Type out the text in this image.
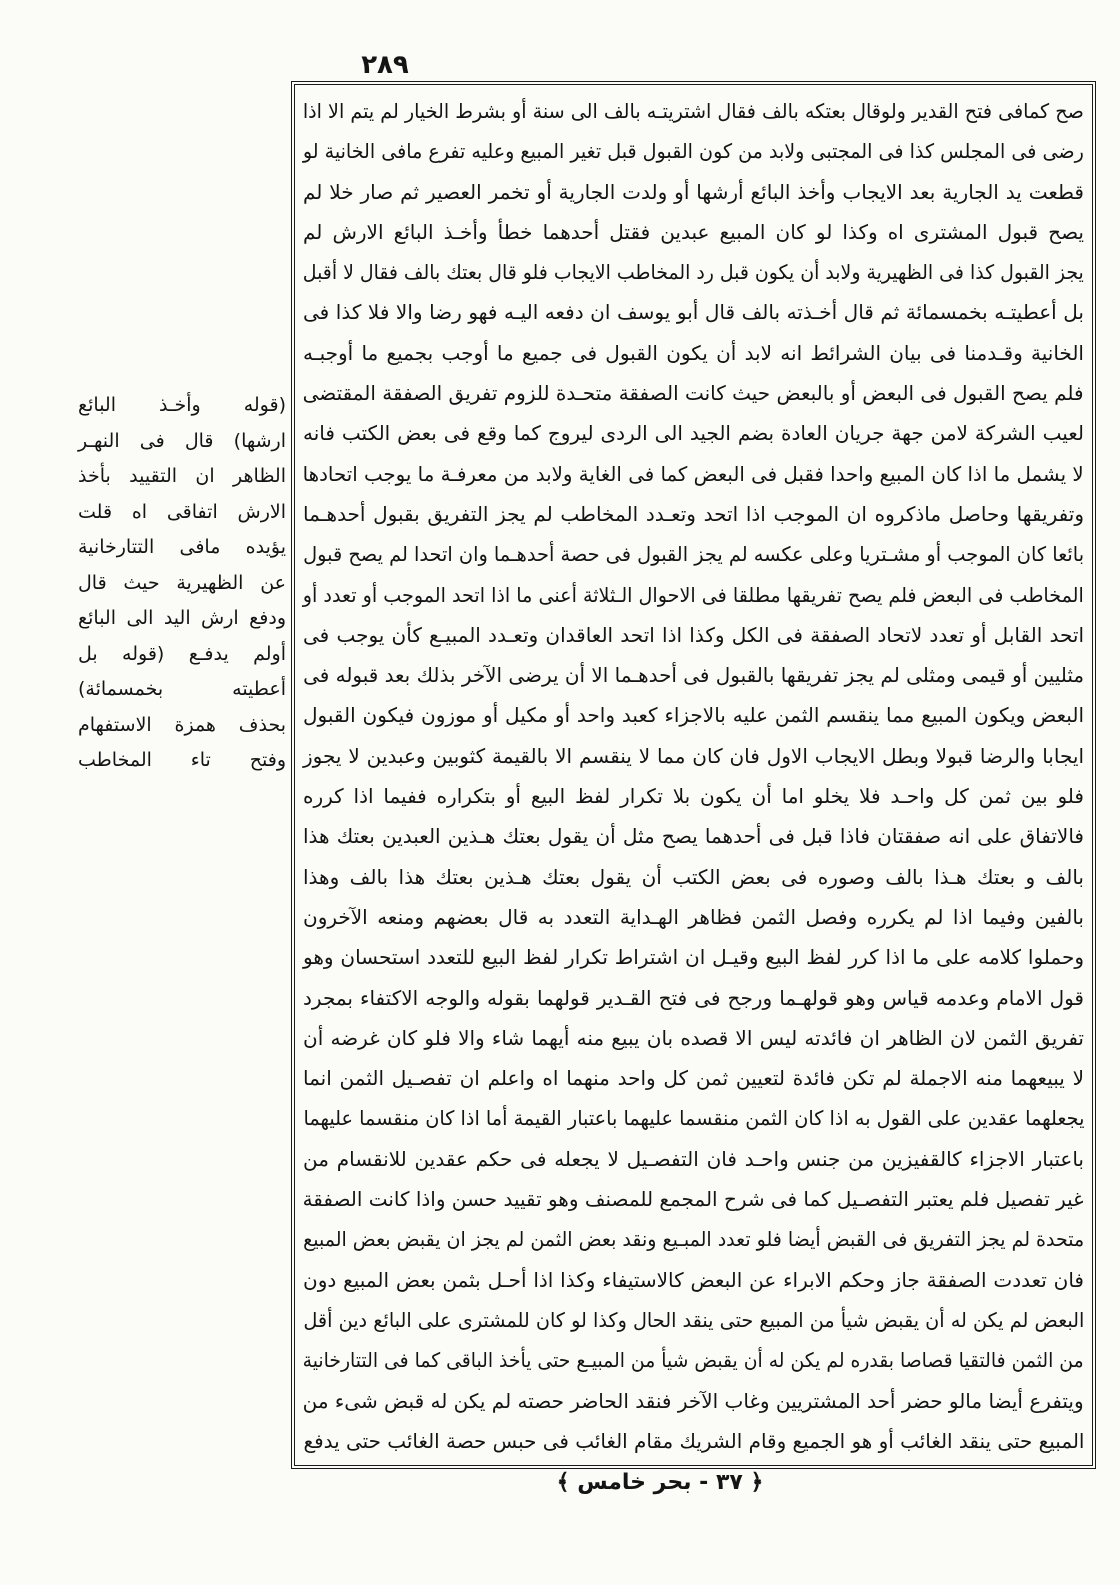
٢٨٩
صح كمافى فتح القدير ولوقال بعتكه بالف فقال اشتريتـه بالف الى سنة أو بشرط الخيار لم يتم الا اذا
رضى فى المجلس كذا فى المجتبى ولابد من كون القبول قبل تغير المبيع وعليه تفرع مافى الخانية لو
قطعت يد الجارية بعد الايجاب وأخذ البائع أرشها أو ولدت الجارية أو تخمر العصير ثم صار خلا لم
يصح قبول المشترى اه وكذا لو كان المبيع عبدين فقتل أحدهما خطأ وأخـذ البائع الارش لم
يجز القبول كذا فى الظهيرية ولابد أن يكون قبل رد المخاطب الايجاب فلو قال بعتك بالف فقال لا أقبل
بل أعطيتـه بخمسمائة ثم قال أخـذته بالف قال أبو يوسف ان دفعه اليـه فهو رضا والا فلا كذا فى
الخانية وقـدمنا فى بيان الشرائط انه لابد أن يكون القبول فى جميع ما أوجب بجميع ما أوجبـه
فلم يصح القبول فى البعض أو بالبعض حيث كانت الصفقة متحـدة للزوم تفريق الصفقة المقتضى
لعيب الشركة لامن جهة جريان العادة بضم الجيد الى الردى ليروج كما وقع فى بعض الكتب فانه
لا يشمل ما اذا كان المبيع واحدا فقبل فى البعض كما فى الغاية ولابد من معرفـة ما يوجب اتحادها
وتفريقها وحاصل ماذكروه ان الموجب اذا اتحد وتعـدد المخاطب لم يجز التفريق بقبول أحدهـما
بائعا كان الموجب أو مشـتريا وعلى عكسه لم يجز القبول فى حصة أحدهـما وان اتحدا لم يصح قبول
المخاطب فى البعض فلم يصح تفريقها مطلقا فى الاحوال الـثلاثة أعنى ما اذا اتحد الموجب أو تعدد أو
اتحد القابل أو تعدد لاتحاد الصفقة فى الكل وكذا اذا اتحد العاقدان وتعـدد المبيـع كأن يوجب فى
مثليين أو قيمى ومثلى لم يجز تفريقها بالقبول فى أحدهـما الا أن يرضى الآخر بذلك بعد قبوله فى
البعض ويكون المبيع مما ينقسم الثمن عليه بالاجزاء كعبد واحد أو مكيل أو موزون فيكون القبول
ايجابا والرضا قبولا وبطل الايجاب الاول فان كان مما لا ينقسم الا بالقيمة كثوبين وعبدين لا يجوز
فلو بين ثمن كل واحـد فلا يخلو اما أن يكون بلا تكرار لفظ البيع أو بتكراره ففيما اذا كرره
فالاتفاق على انه صفقتان فاذا قبل فى أحدهما يصح مثل أن يقول بعتك هـذين العبدين بعتك هذا
بالف و بعتك هـذا بالف وصوره فى بعض الكتب أن يقول بعتك هـذين بعتك هذا بالف وهذا
بالفين وفيما اذا لم يكرره وفصل الثمن فظاهر الهـداية التعدد به قال بعضهم ومنعه الآخرون
وحملوا كلامه على ما اذا كرر لفظ البيع وقيـل ان اشتراط تكرار لفظ البيع للتعدد استحسان وهو
قول الامام وعدمه قياس وهو قولهـما ورجح فى فتح القـدير قولهما بقوله والوجه الاكتفاء بمجرد
تفريق الثمن لان الظاهر ان فائدته ليس الا قصده بان يبيع منه أيهما شاء والا فلو كان غرضه أن
لا يبيعهما منه الاجملة لم تكن فائدة لتعيين ثمن كل واحد منهما اه واعلم ان تفصـيل الثمن انما
يجعلهما عقدين على القول به اذا كان الثمن منقسما عليهما باعتبار القيمة أما اذا كان منقسما عليهما
باعتبار الاجزاء كالقفيزين من جنس واحـد فان التفصـيل لا يجعله فى حكم عقدين للانقسام من
غير تفصيل فلم يعتبر التفصـيل كما فى شرح المجمع للمصنف وهو تقييد حسن واذا كانت الصفقة
متحدة لم يجز التفريق فى القبض أيضا فلو تعدد المبـيع ونقد بعض الثمن لم يجز ان يقبض بعض المبيع
فان تعددت الصفقة جاز وحكم الابراء عن البعض كالاستيفاء وكذا اذا أحـل بثمن بعض المبيع دون
البعض لم يكن له أن يقبض شيأ من المبيع حتى ينقد الحال وكذا لو كان للمشترى على البائع دين أقل
من الثمن فالتقيا قصاصا بقدره لم يكن له أن يقبض شيأ من المبيـع حتى يأخذ الباقى كما فى التتارخانية
ويتفرع أيضا مالو حضر أحد المشتريين وغاب الآخر فنقد الحاضر حصته لم يكن له قبض شىء من
المبيع حتى ينقد الغائب أو هو الجميع وقام الشريك مقام الغائب فى حبس حصة الغائب حتى يدفع
(قوله وأخـذ البائع
ارشها) قال فى النهـر
الظاهر ان التقييد بأخذ
الارش اتفاقى اه قلت
يؤيده مافى التتارخانية
عن الظهيرية حيث قال
ودفع ارش اليد الى البائع
أولم يدفـع (قوله بل
أعطيته بخمسمائة)
بحذف همزة الاستفهام
وفتح تاء المخاطب
﴿ ٣٧ - بحر خامس ﴾
